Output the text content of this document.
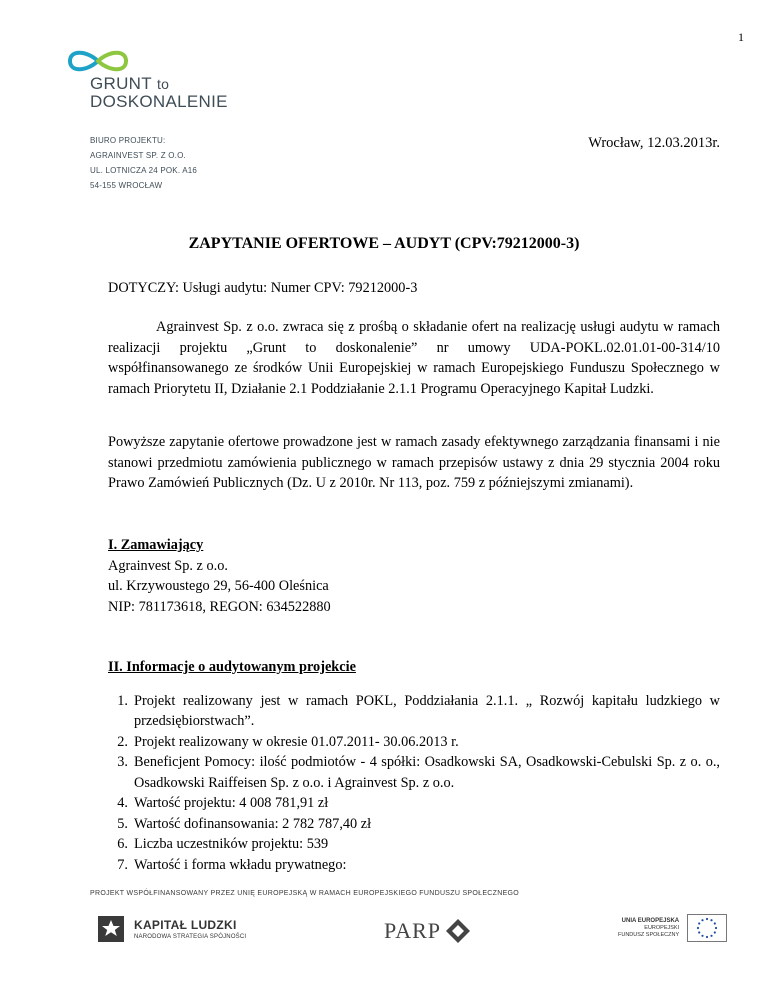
1
GRUNT to
DOSKONALENIE
BIURO PROJEKTU:
AGRAINVEST SP. Z O.O.
UL. LOTNICZA 24 POK. A16
54-155 WROCŁAW
Wrocław, 12.03.2013r.
ZAPYTANIE OFERTOWE – AUDYT (CPV:79212000-3)
DOTYCZY: Usługi audytu: Numer CPV: 79212000-3
Agrainvest Sp. z o.o. zwraca się z prośbą o składanie ofert na realizację usługi audytu w ramach realizacji projektu „Grunt to doskonalenie” nr umowy UDA-POKL.02.01.01-00-314/10 współfinansowanego ze środków Unii Europejskiej w ramach Europejskiego Funduszu Społecznego w ramach Priorytetu II, Działanie 2.1 Poddziałanie 2.1.1 Programu Operacyjnego Kapitał Ludzki.
Powyższe zapytanie ofertowe prowadzone jest w ramach zasady efektywnego zarządzania finansami i nie stanowi przedmiotu zamówienia publicznego w ramach przepisów ustawy z dnia 29 stycznia 2004 roku Prawo Zamówień Publicznych (Dz. U z 2010r. Nr 113, poz. 759 z późniejszymi zmianami).
I. Zamawiający
Agrainvest Sp. z o.o.
ul. Krzywoustego 29, 56-400 Oleśnica
NIP: 781173618, REGON: 634522880
II. Informacje o audytowanym projekcie
1. Projekt realizowany jest w ramach POKL, Poddziałania 2.1.1. „ Rozwój kapitału ludzkiego w przedsiębiorstwach”.
2. Projekt realizowany w okresie 01.07.2011- 30.06.2013 r.
3. Beneficjent Pomocy: ilość podmiotów - 4 spółki: Osadkowski SA, Osadkowski-Cebulski Sp. z o. o., Osadkowski Raiffeisen Sp. z o.o. i Agrainvest Sp. z o.o.
4. Wartość projektu: 4 008 781,91 zł
5. Wartość dofinansowania: 2 782 787,40 zł
6. Liczba uczestników projektu: 539
7. Wartość i forma wkładu prywatnego:
PROJEKT WSPÓŁFINANSOWANY PRZEZ UNIĘ EUROPEJSKĄ W RAMACH EUROPEJSKIEGO FUNDUSZU SPOŁECZNEGO
KAPITAŁ LUDZKI
NARODOWA STRATEGIA SPÓJNOŚCI	PARP	UNIA EUROPEJSKA
EUROPEJSKI
FUNDUSZ SPOŁECZNY
